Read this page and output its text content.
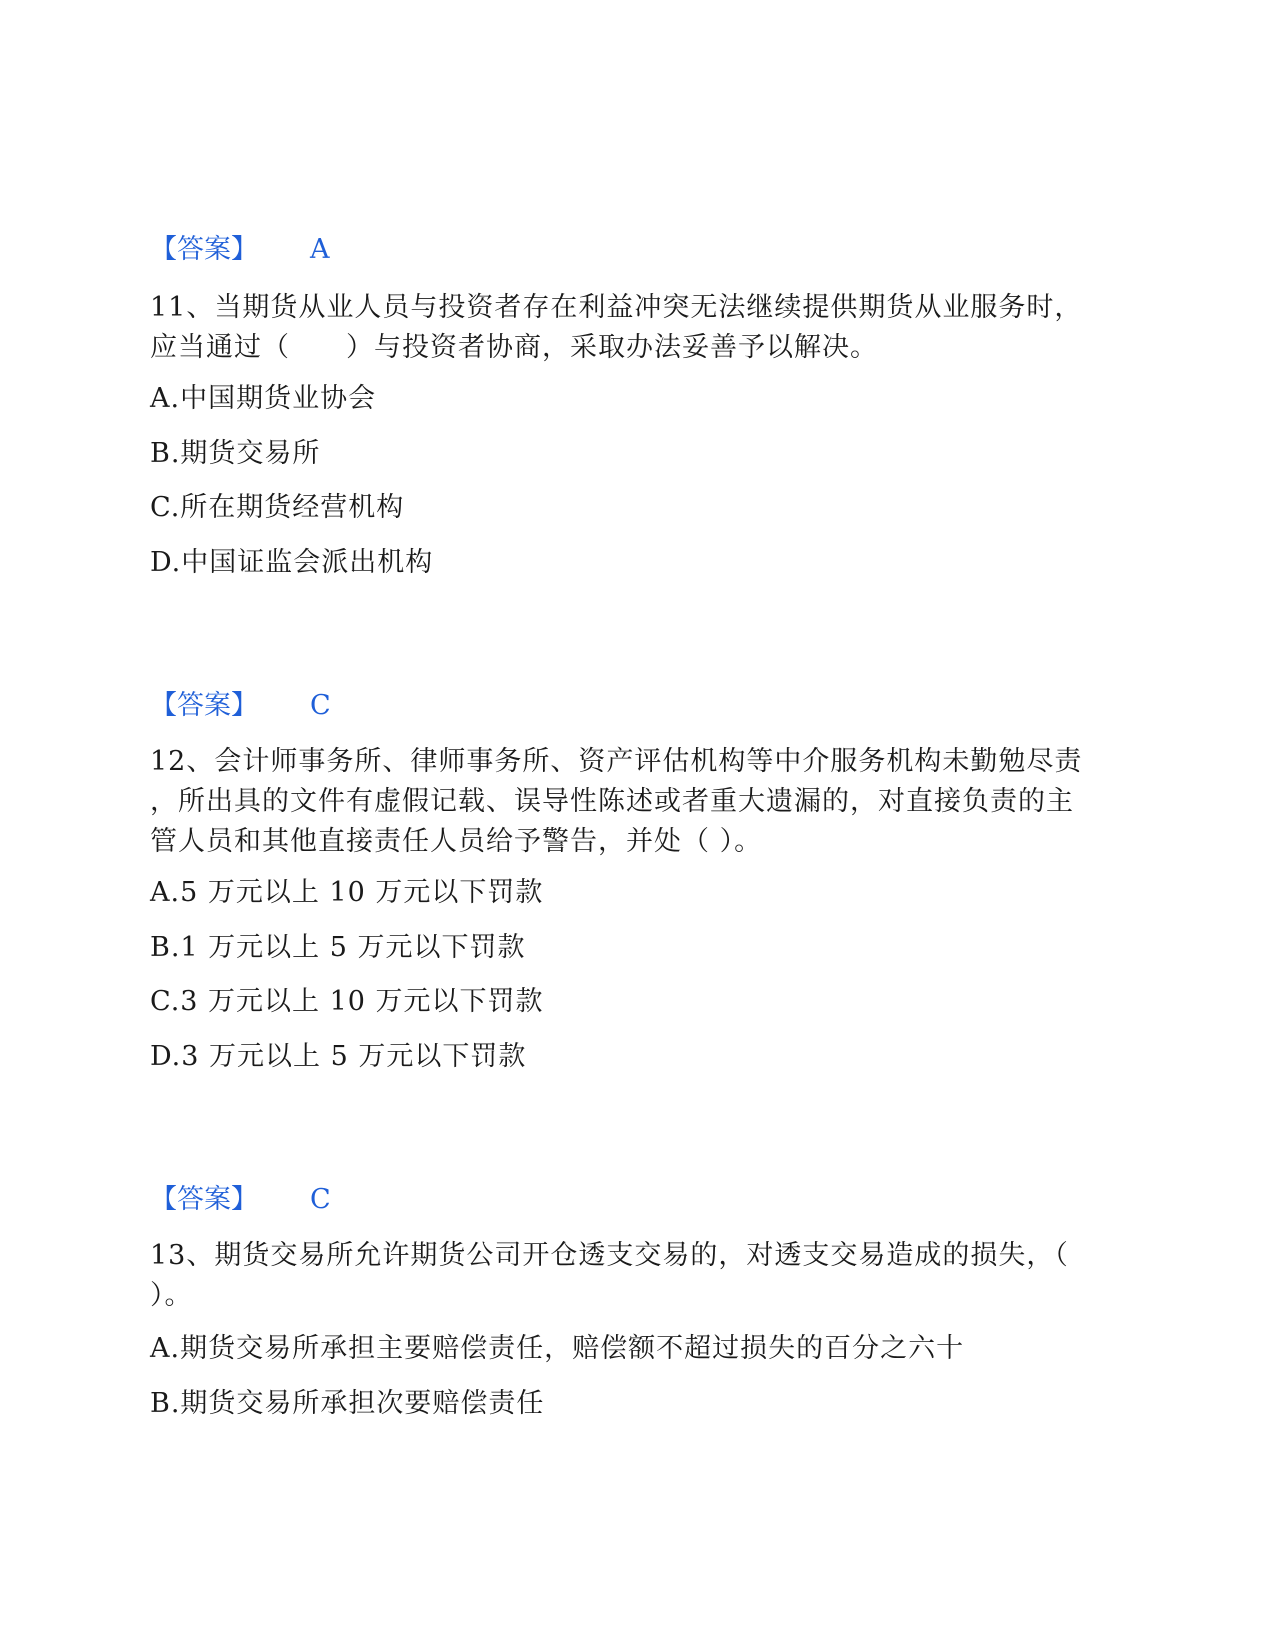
【答案】 A
11、当期货从业人员与投资者存在利益冲突无法继续提供期货从业服务时，
应当通过（　　）与投资者协商，采取办法妥善予以解决。
A.中国期货业协会
B.期货交易所
C.所在期货经营机构
D.中国证监会派出机构
【答案】 C
12、会计师事务所、律师事务所、资产评估机构等中介服务机构未勤勉尽责
，所出具的文件有虚假记载、误导性陈述或者重大遗漏的，对直接负责的主
管人员和其他直接责任人员给予警告，并处（ ）。
A.5 万元以上 10 万元以下罚款
B.1 万元以上 5 万元以下罚款
C.3 万元以上 10 万元以下罚款
D.3 万元以上 5 万元以下罚款
【答案】 C
13、期货交易所允许期货公司开仓透支交易的，对透支交易造成的损失，（
）。
A.期货交易所承担主要赔偿责任，赔偿额不超过损失的百分之六十
B.期货交易所承担次要赔偿责任
